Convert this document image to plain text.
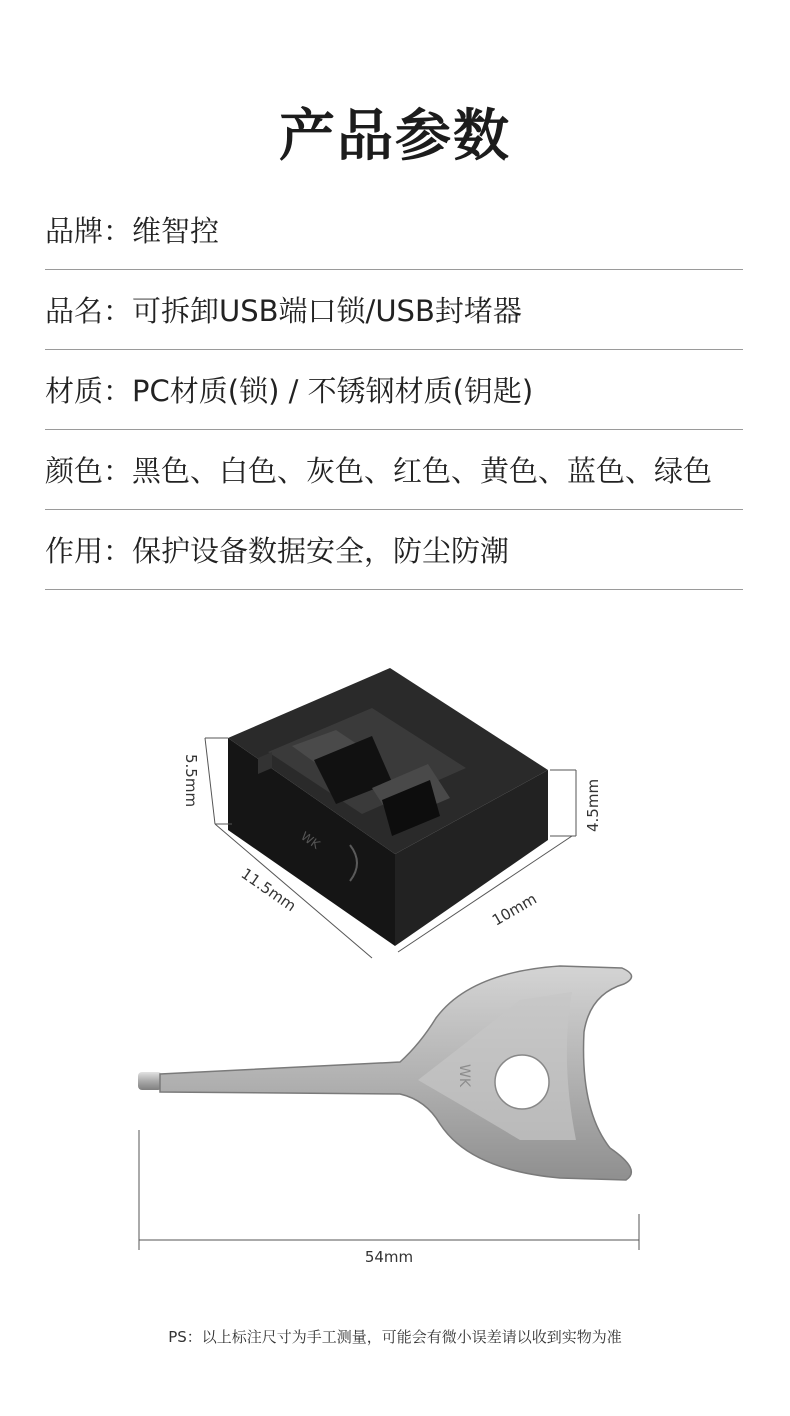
产品参数
品牌： 维智控
品名： 可拆卸USB端口锁/USB封堵器
材质： PC材质(锁) / 不锈钢材质(钥匙)
颜色： 黑色、白色、灰色、红色、黄色、蓝色、绿色
作用： 保护设备数据安全，防尘防潮
WK
5.5mm
11.5mm	10mm
4.5mm
WK
54mm
PS：以上标注尺寸为手工测量，可能会有微小误差请以收到实物为准
